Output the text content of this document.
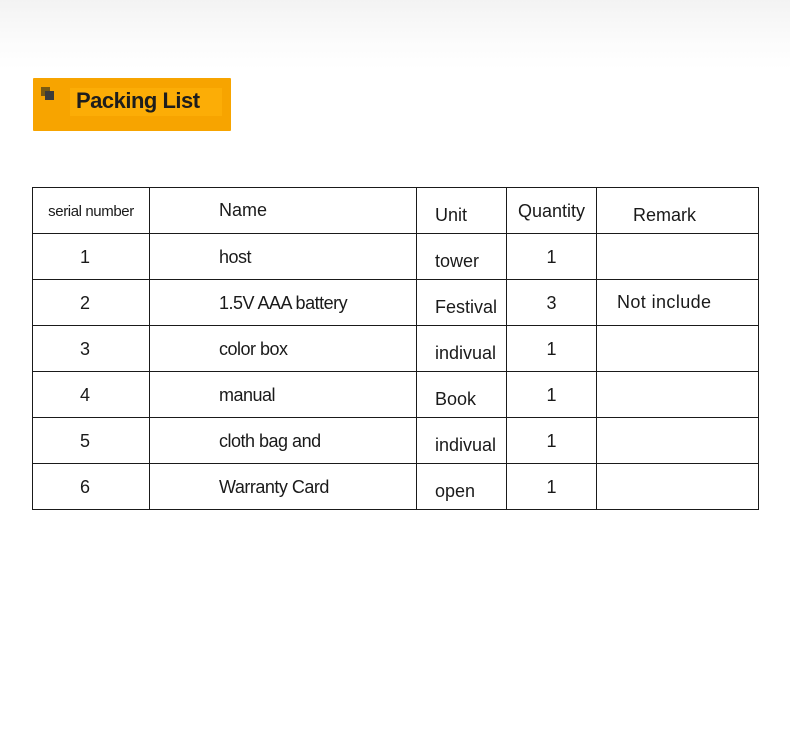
Packing List
serial number	Name	Unit	Quantity	Remark
1	host	tower	1	
2	1.5V AAA battery	Festival	3	Not include
3	color box	indivual	1	
4	manual	Book	1	
5	cloth bag and	indivual	1	
6	Warranty Card	open	1	
